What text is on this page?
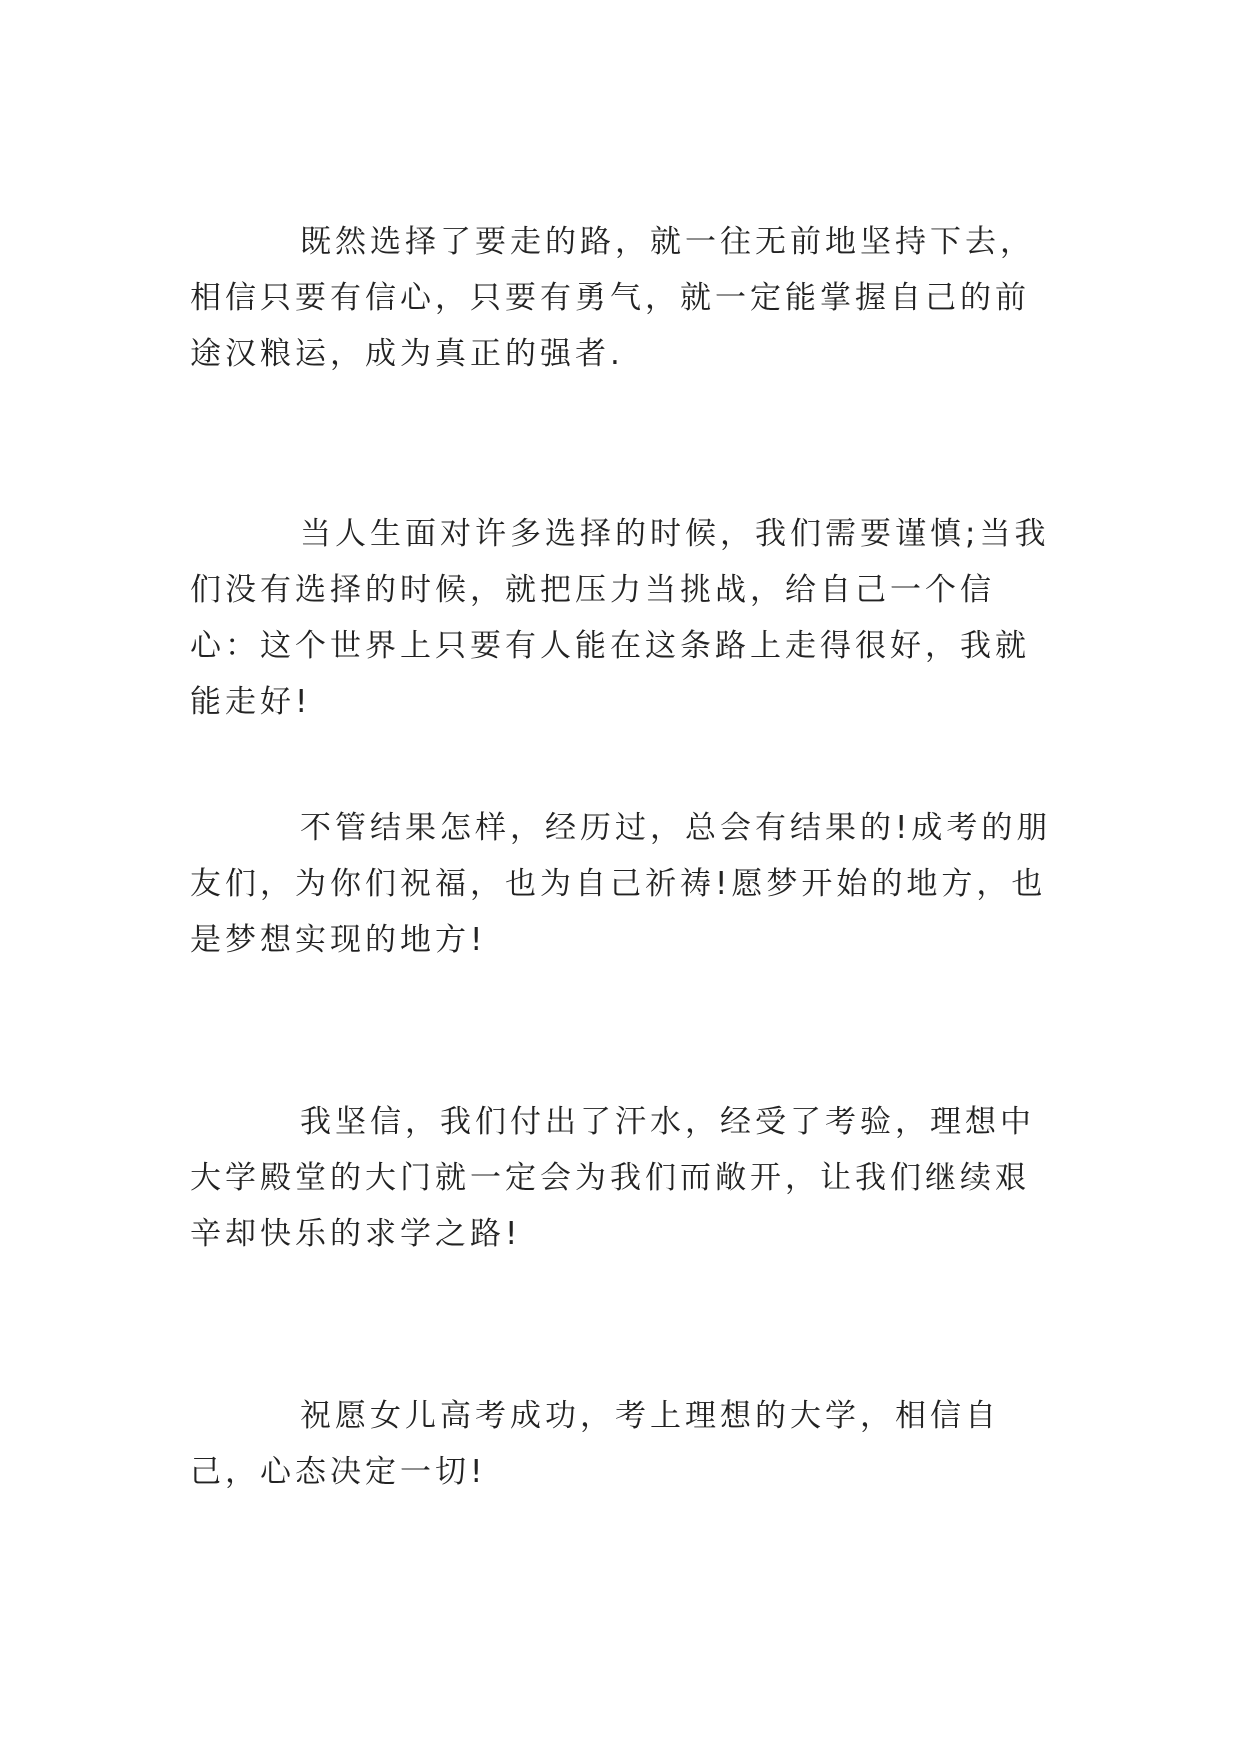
既然选择了要走的路，就一往无前地坚持下去，相信只要有信心，只要有勇气，就一定能掌握自己的前途汉粮运，成为真正的强者.

当人生面对许多选择的时候，我们需要谨慎;当我们没有选择的时候，就把压力当挑战，给自己一个信心：这个世界上只要有人能在这条路上走得很好，我就能走好!

不管结果怎样，经历过，总会有结果的!成考的朋友们，为你们祝福，也为自己祈祷!愿梦开始的地方，也是梦想实现的地方!

我坚信，我们付出了汗水，经受了考验，理想中大学殿堂的大门就一定会为我们而敞开，让我们继续艰辛却快乐的求学之路!

祝愿女儿高考成功，考上理想的大学，相信自己，心态决定一切!
